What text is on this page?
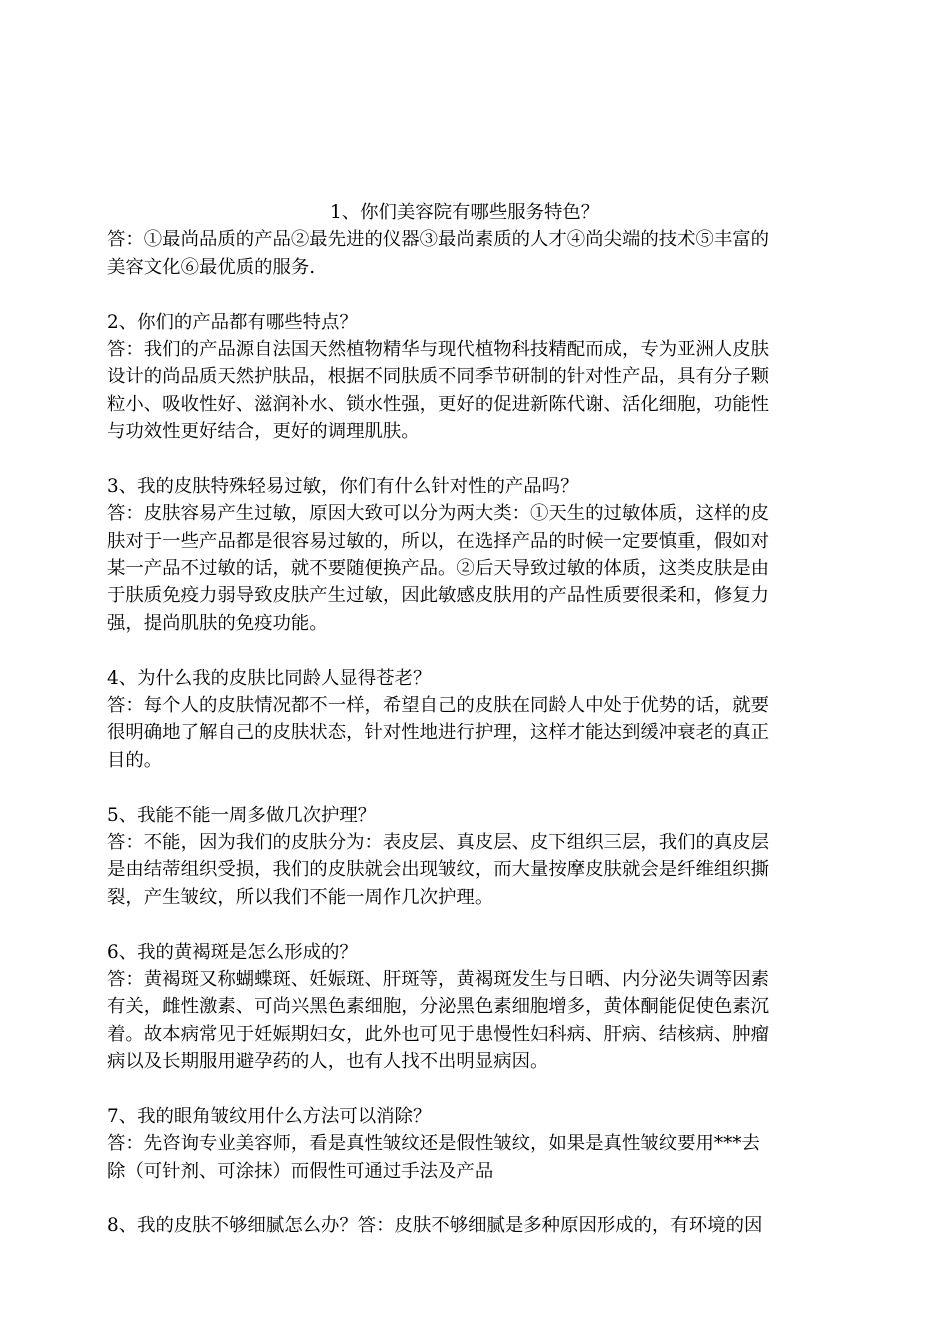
1、你们美容院有哪些服务特色？
答：①最尚品质的产品②最先进的仪器③最尚素质的人才④尚尖端的技术⑤丰富的
美容文化⑥最优质的服务.
2、你们的产品都有哪些特点？
答：我们的产品源自法国天然植物精华与现代植物科技精配而成，专为亚洲人皮肤
设计的尚品质天然护肤品，根据不同肤质不同季节研制的针对性产品，具有分子颗
粒小、吸收性好、滋润补水、锁水性强，更好的促进新陈代谢、活化细胞，功能性
与功效性更好结合，更好的调理肌肤。
3、我的皮肤特殊轻易过敏，你们有什么针对性的产品吗？
答：皮肤容易产生过敏，原因大致可以分为两大类：①天生的过敏体质，这样的皮
肤对于一些产品都是很容易过敏的，所以，在选择产品的时候一定要慎重，假如对
某一产品不过敏的话，就不要随便换产品。②后天导致过敏的体质，这类皮肤是由
于肤质免疫力弱导致皮肤产生过敏，因此敏感皮肤用的产品性质要很柔和，修复力
强，提尚肌肤的免疫功能。
4、为什么我的皮肤比同龄人显得苍老？
答：每个人的皮肤情况都不一样，希望自己的皮肤在同龄人中处于优势的话，就要
很明确地了解自己的皮肤状态，针对性地进行护理，这样才能达到缓冲衰老的真正
目的。
5、我能不能一周多做几次护理？
答：不能，因为我们的皮肤分为：表皮层、真皮层、皮下组织三层，我们的真皮层
是由结蒂组织受损，我们的皮肤就会出现皱纹，而大量按摩皮肤就会是纤维组织撕
裂，产生皱纹，所以我们不能一周作几次护理。
6、我的黄褐斑是怎么形成的？
答：黄褐斑又称蝴蝶斑、妊娠斑、肝斑等，黄褐斑发生与日晒、内分泌失调等因素
有关，雌性激素、可尚兴黑色素细胞，分泌黑色素细胞增多，黄体酮能促使色素沉
着。故本病常见于妊娠期妇女，此外也可见于患慢性妇科病、肝病、结核病、肿瘤
病以及长期服用避孕药的人，也有人找不出明显病因。
7、我的眼角皱纹用什么方法可以消除？
答：先咨询专业美容师，看是真性皱纹还是假性皱纹，如果是真性皱纹要用***去
除（可针剂、可涂抹）而假性可通过手法及产品
8、我的皮肤不够细腻怎么办？答：皮肤不够细腻是多种原因形成的，有环境的因
